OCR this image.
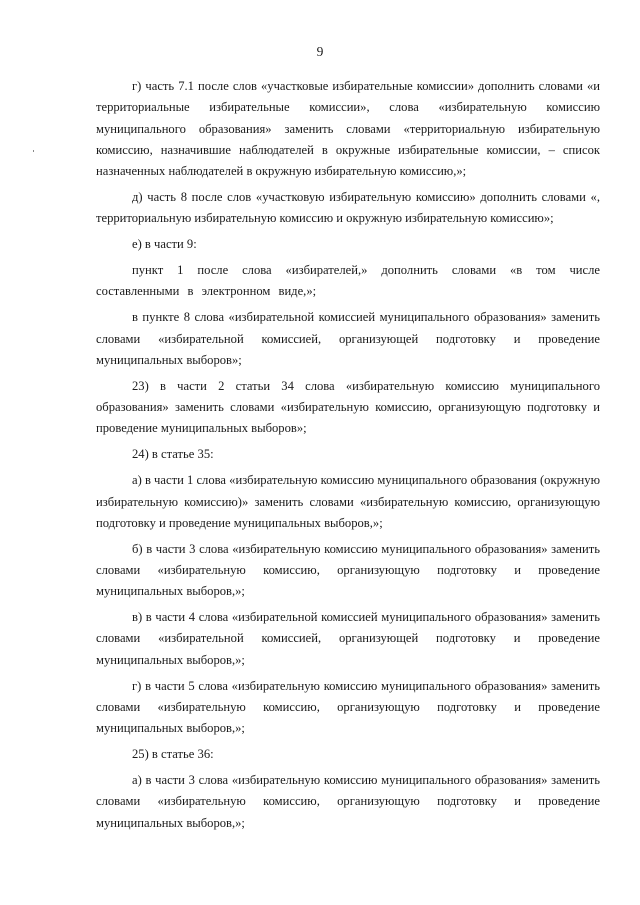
9

г) часть 7.1 после слов «участковые избирательные комиссии» дополнить словами «и территориальные избирательные комиссии», слова «избирательную комиссию муниципального образования» заменить словами «территориальную избирательную комиссию, назначившие наблюдателей в окружные избирательные комиссии, – список назначенных наблюдателей в окружную избирательную комиссию,»;

д) часть 8 после слов «участковую избирательную комиссию» дополнить словами «, территориальную избирательную комиссию и окружную избирательную комиссию»;

е) в части 9:

пункт 1 после слова «избирателей,» дополнить словами «в том числе составленными в электронном виде,»;

в пункте 8 слова «избирательной комиссией муниципального образования» заменить словами «избирательной комиссией, организующей подготовку и проведение муниципальных выборов»;

23) в части 2 статьи 34 слова «избирательную комиссию муниципального образования» заменить словами «избирательную комиссию, организующую подготовку и проведение муниципальных выборов»;

24) в статье 35:

а) в части 1 слова «избирательную комиссию муниципального образования (окружную избирательную комиссию)» заменить словами «избирательную комиссию, организующую подготовку и проведение муниципальных выборов,»;

б) в части 3 слова «избирательную комиссию муниципального образования» заменить словами «избирательную комиссию, организующую подготовку и проведение муниципальных выборов,»;

в) в части 4 слова «избирательной комиссией муниципального образования» заменить словами «избирательной комиссией, организующей подготовку и проведение муниципальных выборов,»;

г) в части 5 слова «избирательную комиссию муниципального образования» заменить словами «избирательную комиссию, организующую подготовку и проведение муниципальных выборов,»;

25) в статье 36:

а) в части 3 слова «избирательную комиссию муниципального образования» заменить словами «избирательную комиссию, организующую подготовку и проведение муниципальных выборов,»;
